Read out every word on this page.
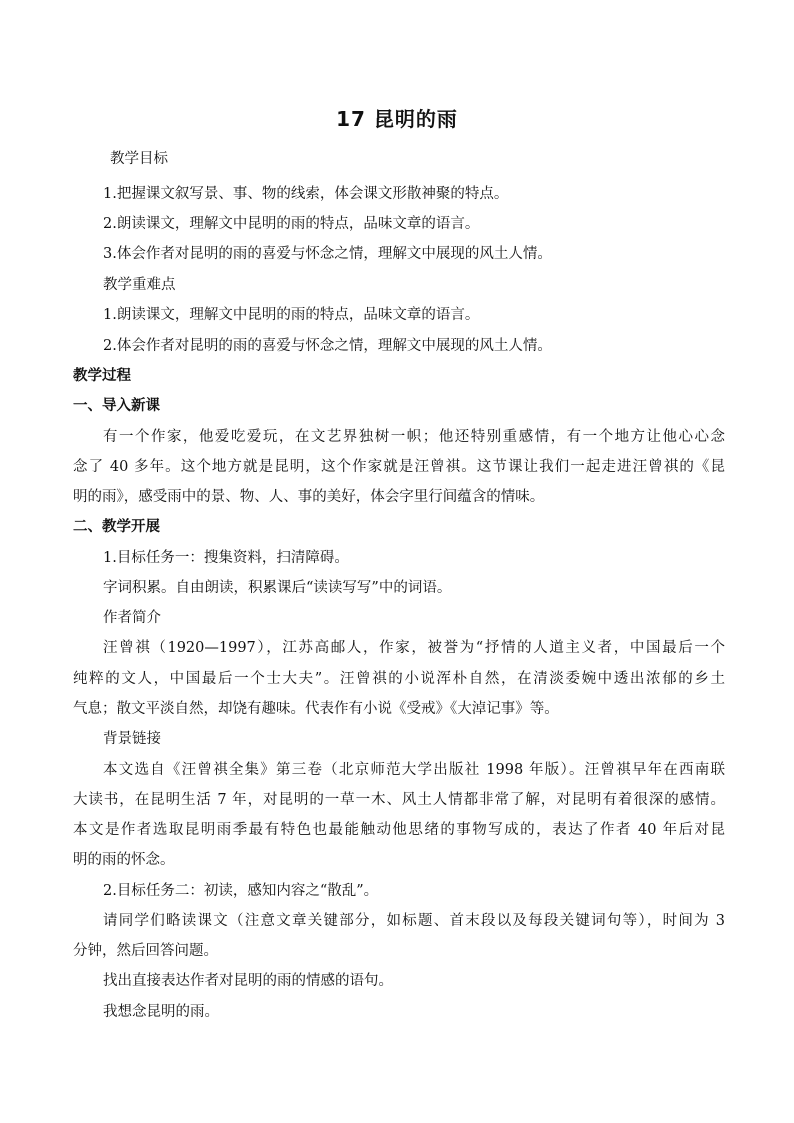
17 昆明的雨
教学目标
1.把握课文叙写景、事、物的线索，体会课文形散神聚的特点。
2.朗读课文，理解文中昆明的雨的特点，品味文章的语言。
3.体会作者对昆明的雨的喜爱与怀念之情，理解文中展现的风土人情。
教学重难点
1.朗读课文，理解文中昆明的雨的特点，品味文章的语言。
2.体会作者对昆明的雨的喜爱与怀念之情，理解文中展现的风土人情。
教学过程
一、导入新课
有一个作家，他爱吃爱玩，在文艺界独树一帜；他还特别重感情，有一个地方让他心心念
念了 40 多年。这个地方就是昆明，这个作家就是汪曾祺。这节课让我们一起走进汪曾祺的《昆
明的雨》，感受雨中的景、物、人、事的美好，体会字里行间蕴含的情味。
二、教学开展
1.目标任务一：搜集资料，扫清障碍。
字词积累。自由朗读，积累课后“读读写写”中的词语。
作者简介
汪曾祺（1920—1997），江苏高邮人，作家，被誉为“抒情的人道主义者，中国最后一个
纯粹的文人，中国最后一个士大夫”。汪曾祺的小说浑朴自然，在清淡委婉中透出浓郁的乡土
气息；散文平淡自然，却饶有趣味。代表作有小说《受戒》《大淖记事》等。
背景链接
本文选自《汪曾祺全集》第三卷（北京师范大学出版社 1998 年版）。汪曾祺早年在西南联
大读书，在昆明生活 7 年，对昆明的一草一木、风土人情都非常了解，对昆明有着很深的感情。
本文是作者选取昆明雨季最有特色也最能触动他思绪的事物写成的，表达了作者 40 年后对昆
明的雨的怀念。
2.目标任务二：初读，感知内容之“散乱”。
请同学们略读课文（注意文章关键部分，如标题、首末段以及每段关键词句等），时间为 3
分钟，然后回答问题。
找出直接表达作者对昆明的雨的情感的语句。
我想念昆明的雨。
